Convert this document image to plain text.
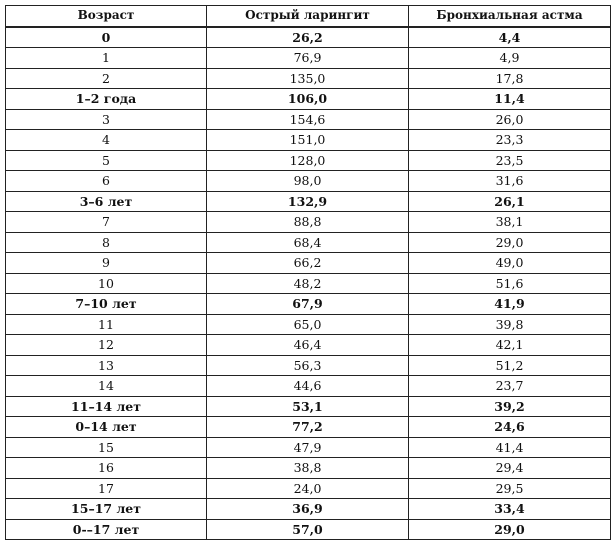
Возраст	Острый ларингит	Бронхиальная астма
0	26,2	4,4
1	76,9	4,9
2	135,0	17,8
1–2 года	106,0	11,4
3	154,6	26,0
4	151,0	23,3
5	128,0	23,5
6	98,0	31,6
3–6 лет	132,9	26,1
7	88,8	38,1
8	68,4	29,0
9	66,2	49,0
10	48,2	51,6
7–10 лет	67,9	41,9
11	65,0	39,8
12	46,4	42,1
13	56,3	51,2
14	44,6	23,7
11–14 лет	53,1	39,2
0–14 лет	77,2	24,6
15	47,9	41,4
16	38,8	29,4
17	24,0	29,5
15–17 лет	36,9	33,4
0-–17 лет	57,0	29,0
